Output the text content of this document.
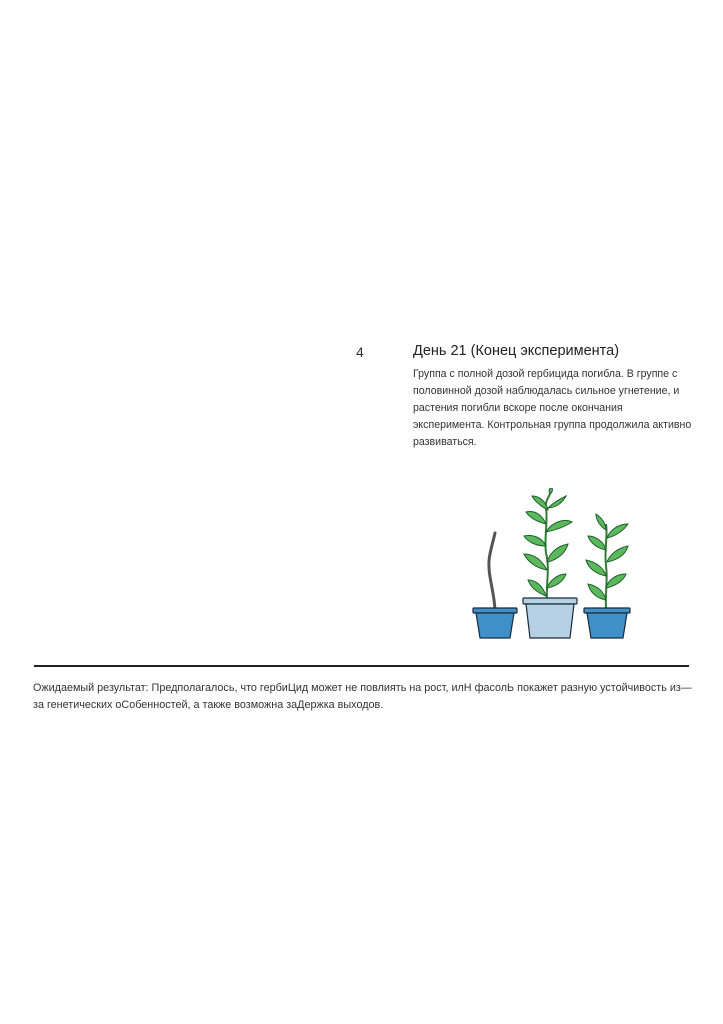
4	День 21 (Конец эксперимента)

Группа с полной дозой гербицида погибла. В группе с половинной дозой наблюдалась сильное угнетение, и растения погибли вскоре после окончания эксперимента. Контрольная группа продолжила активно развиваться.

Ожидаемый результат: Предполагалось, что гербиЦид может не повлиять на рост, илН фасолЬ покажет разную устойчивость из—за генетических оСобенностей, а также возможна заДержка выходов.
